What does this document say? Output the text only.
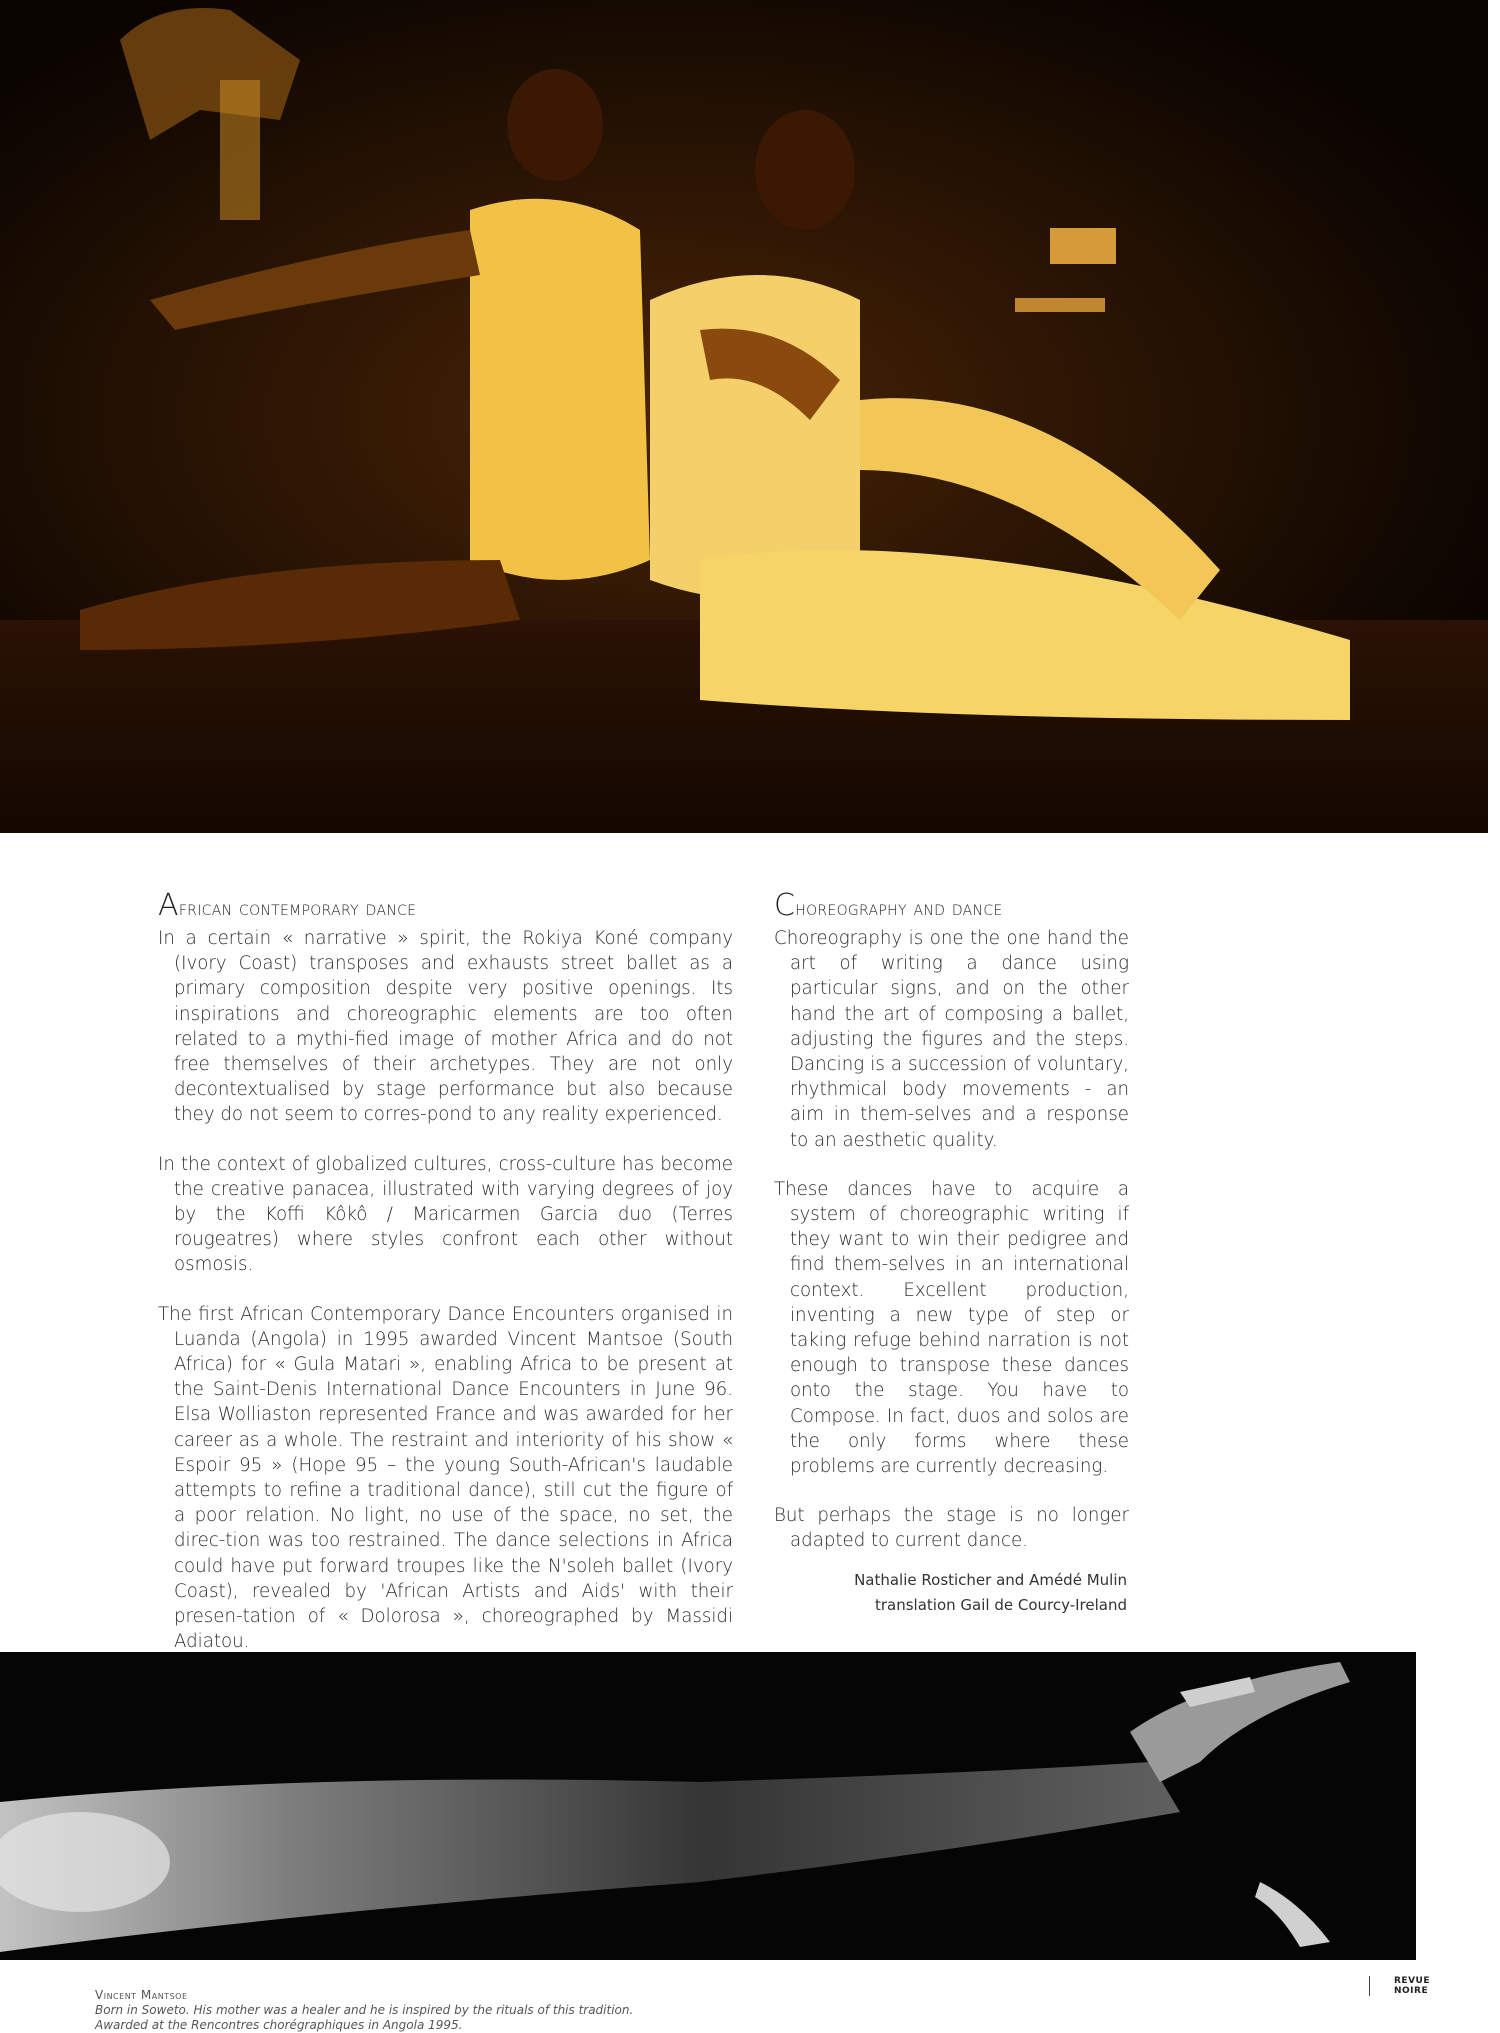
African contemporary dance

In a certain « narrative » spirit, the Rokiya Koné company (Ivory Coast) transposes and exhausts street ballet as a primary composition despite very positive openings. Its inspirations and choreographic elements are too often related to a mythi-fied image of mother Africa and do not free themselves of their archetypes. They are not only decontextualised by stage performance but also because they do not seem to corres-pond to any reality experienced.

In the context of globalized cultures, cross-culture has become the creative panacea, illustrated with varying degrees of joy by the Koffi Kôkô / Maricarmen Garcia duo (Terres rougeatres) where styles confront each other without osmosis.

The first African Contemporary Dance Encounters organised in Luanda (Angola) in 1995 awarded Vincent Mantsoe (South Africa) for « Gula Matari », enabling Africa to be present at the Saint-Denis International Dance Encounters in June 96. Elsa Wolliaston represented France and was awarded for her career as a whole. The restraint and interiority of his show « Espoir 95 » (Hope 95 – the young South-African's laudable attempts to refine a traditional dance), still cut the figure of a poor relation. No light, no use of the space, no set, the direc-tion was too restrained. The dance selections in Africa could have put forward troupes like the N'soleh ballet (Ivory Coast), revealed by 'African Artists and Aids' with their presen-tation of « Dolorosa », choreographed by Massidi Adiatou.

Choreography and dance

Choreography is one the one hand the art of writing a dance using particular signs, and on the other hand the art of composing a ballet, adjusting the figures and the steps. Dancing is a succession of voluntary, rhythmical body movements - an aim in them-selves and a response to an aesthetic quality.

These dances have to acquire a system of choreographic writing if they want to win their pedigree and find them-selves in an international context. Excellent production, inventing a new type of step or taking refuge behind narration is not enough to transpose these dances onto the stage. You have to Compose. In fact, duos and solos are the only forms where these problems are currently decreasing.

But perhaps the stage is no longer adapted to current dance.

Nathalie Rosticher and Amédé Mulin
translation Gail de Courcy-Ireland
Vincent Mantsoe
Born in Soweto. His mother was a healer and he is inspired by the rituals of this tradition.
Awarded at the Rencontres chorégraphiques in Angola 1995.
REVUE
NOIRE
